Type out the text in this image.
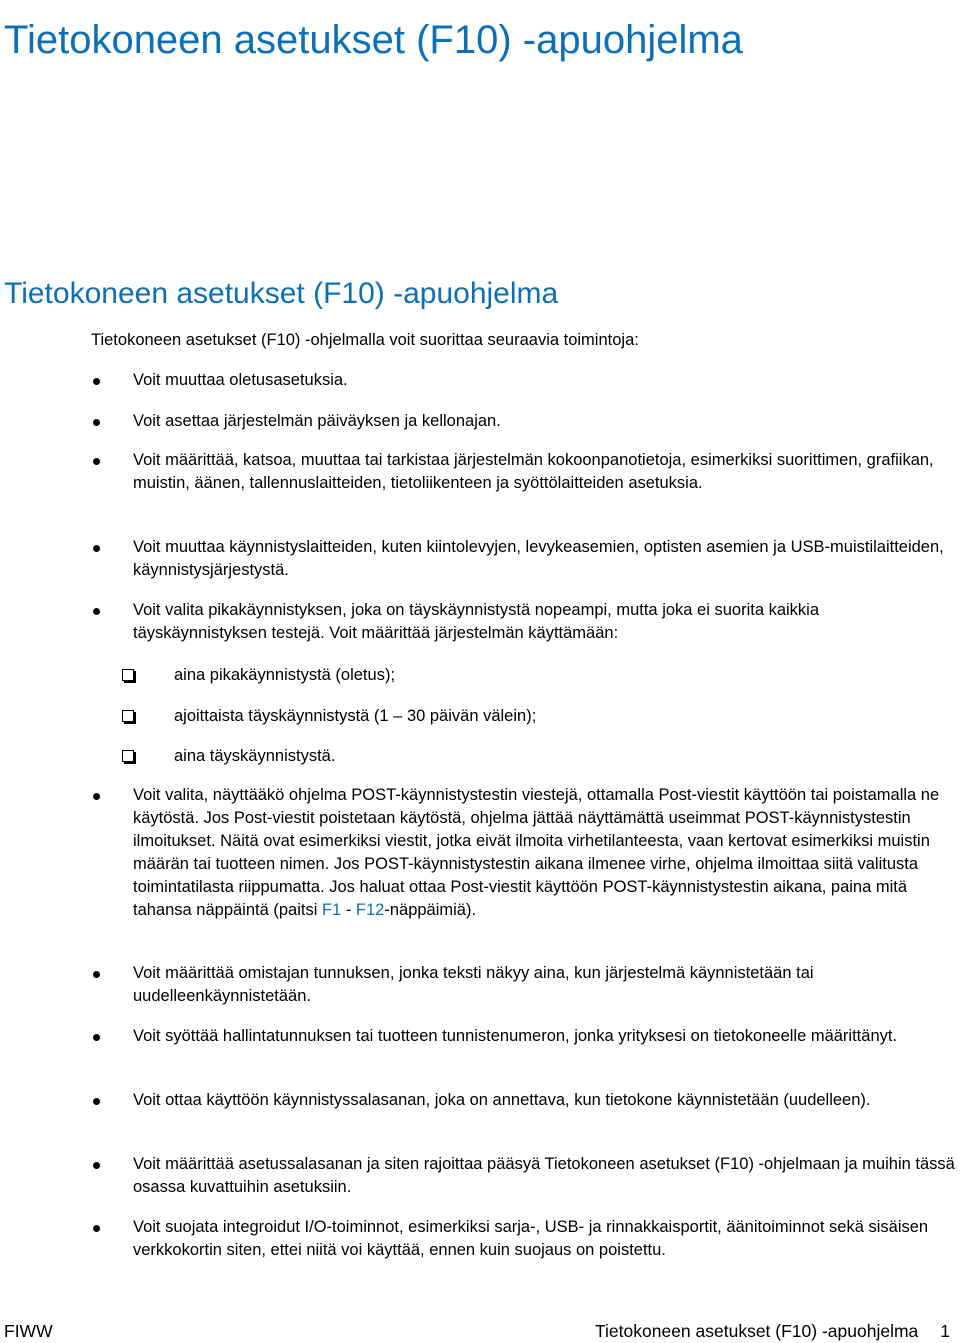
Tietokoneen asetukset (F10) -apuohjelma
Tietokoneen asetukset (F10) -apuohjelma

Tietokoneen asetukset (F10) -ohjelmalla voit suorittaa seuraavia toimintoja:

Voit muuttaa oletusasetuksia.
Voit asettaa järjestelmän päiväyksen ja kellonajan.
Voit määrittää, katsoa, muuttaa tai tarkistaa järjestelmän kokoonpanotietoja, esimerkiksi suorittimen, grafiikan, muistin, äänen, tallennuslaitteiden, tietoliikenteen ja syöttölaitteiden asetuksia.
Voit muuttaa käynnistyslaitteiden, kuten kiintolevyjen, levykeasemien, optisten asemien ja USB-muistilaitteiden, käynnistysjärjestystä.
Voit valita pikakäynnistyksen, joka on täyskäynnistystä nopeampi, mutta joka ei suorita kaikkia täyskäynnistyksen testejä. Voit määrittää järjestelmän käyttämään:
aina pikakäynnistystä (oletus);
ajoittaista täyskäynnistystä (1 – 30 päivän välein);
aina täyskäynnistystä.
Voit valita, näyttääkö ohjelma POST-käynnistystestin viestejä, ottamalla Post-viestit käyttöön tai poistamalla ne käytöstä. Jos Post-viestit poistetaan käytöstä, ohjelma jättää näyttämättä useimmat POST-käynnistystestin ilmoitukset. Näitä ovat esimerkiksi viestit, jotka eivät ilmoita virhetilanteesta, vaan kertovat esimerkiksi muistin määrän tai tuotteen nimen. Jos POST-käynnistystestin aikana ilmenee virhe, ohjelma ilmoittaa siitä valitusta toimintatilasta riippumatta. Jos haluat ottaa Post-viestit käyttöön POST-käynnistystestin aikana, paina mitä tahansa näppäintä (paitsi F1 - F12-näppäimiä).
Voit määrittää omistajan tunnuksen, jonka teksti näkyy aina, kun järjestelmä käynnistetään tai uudelleenkäynnistetään.
Voit syöttää hallintatunnuksen tai tuotteen tunnistenumeron, jonka yrityksesi on tietokoneelle määrittänyt.
Voit ottaa käyttöön käynnistyssalasanan, joka on annettava, kun tietokone käynnistetään (uudelleen).
Voit määrittää asetussalasanan ja siten rajoittaa pääsyä Tietokoneen asetukset (F10) -ohjelmaan ja muihin tässä osassa kuvattuihin asetuksiin.
Voit suojata integroidut I/O-toiminnot, esimerkiksi sarja-, USB- ja rinnakkaisportit, äänitoiminnot sekä sisäisen verkkokortin siten, ettei niitä voi käyttää, ennen kuin suojaus on poistettu.
FIWW	Tietokoneen asetukset (F10) -apuohjelma 1
